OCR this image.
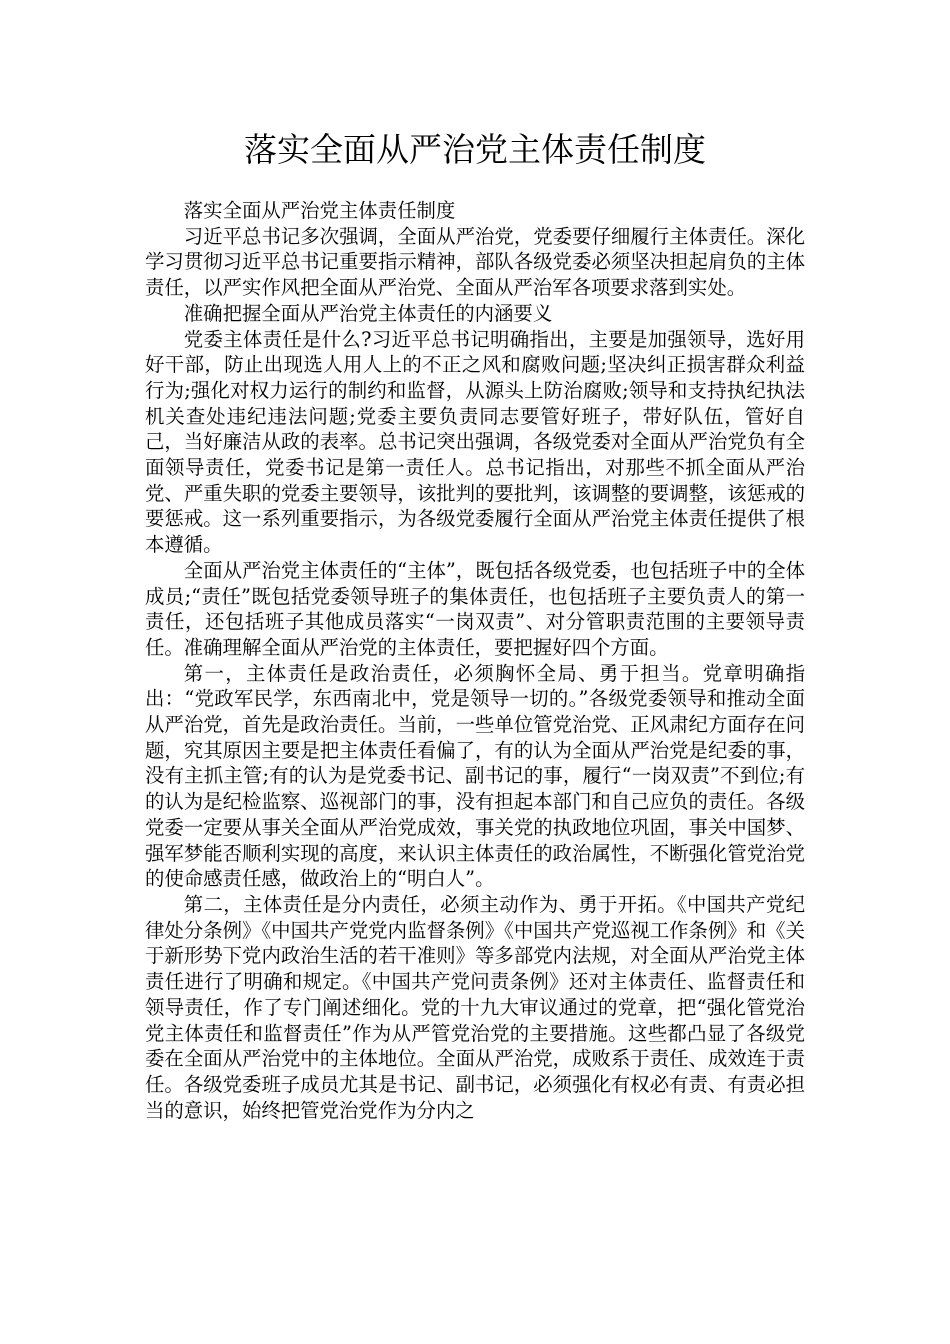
落实全面从严治党主体责任制度

落实全面从严治党主体责任制度

习近平总书记多次强调，全面从严治党，党委要仔细履行主体责任。深化学习贯彻习近平总书记重要指示精神，部队各级党委必须坚决担起肩负的主体责任，以严实作风把全面从严治党、全面从严治军各项要求落到实处。

准确把握全面从严治党主体责任的内涵要义

党委主体责任是什么?习近平总书记明确指出，主要是加强领导，选好用好干部，防止出现选人用人上的不正之风和腐败问题;坚决纠正损害群众利益行为;强化对权力运行的制约和监督，从源头上防治腐败;领导和支持执纪执法机关查处违纪违法问题;党委主要负责同志要管好班子，带好队伍，管好自己，当好廉洁从政的表率。总书记突出强调，各级党委对全面从严治党负有全面领导责任，党委书记是第一责任人。总书记指出，对那些不抓全面从严治党、严重失职的党委主要领导，该批判的要批判，该调整的要调整，该惩戒的要惩戒。这一系列重要指示，为各级党委履行全面从严治党主体责任提供了根本遵循。

全面从严治党主体责任的“主体”，既包括各级党委，也包括班子中的全体成员;“责任”既包括党委领导班子的集体责任，也包括班子主要负责人的第一责任，还包括班子其他成员落实“一岗双责”、对分管职责范围的主要领导责任。准确理解全面从严治党的主体责任，要把握好四个方面。

第一，主体责任是政治责任，必须胸怀全局、勇于担当。党章明确指出：“党政军民学，东西南北中，党是领导一切的。”各级党委领导和推动全面从严治党，首先是政治责任。当前，一些单位管党治党、正风肃纪方面存在问题，究其原因主要是把主体责任看偏了，有的认为全面从严治党是纪委的事，没有主抓主管;有的认为是党委书记、副书记的事，履行“一岗双责”不到位;有的认为是纪检监察、巡视部门的事，没有担起本部门和自己应负的责任。各级党委一定要从事关全面从严治党成效，事关党的执政地位巩固，事关中国梦、强军梦能否顺利实现的高度，来认识主体责任的政治属性，不断强化管党治党的使命感责任感，做政治上的“明白人”。

第二，主体责任是分内责任，必须主动作为、勇于开拓。《中国共产党纪律处分条例》《中国共产党党内监督条例》《中国共产党巡视工作条例》和《关于新形势下党内政治生活的若干准则》等多部党内法规，对全面从严治党主体责任进行了明确和规定。《中国共产党问责条例》还对主体责任、监督责任和领导责任，作了专门阐述细化。党的十九大审议通过的党章，把“强化管党治党主体责任和监督责任”作为从严管党治党的主要措施。这些都凸显了各级党委在全面从严治党中的主体地位。全面从严治党，成败系于责任、成效连于责任。各级党委班子成员尤其是书记、副书记，必须强化有权必有责、有责必担当的意识，始终把管党治党作为分内之
